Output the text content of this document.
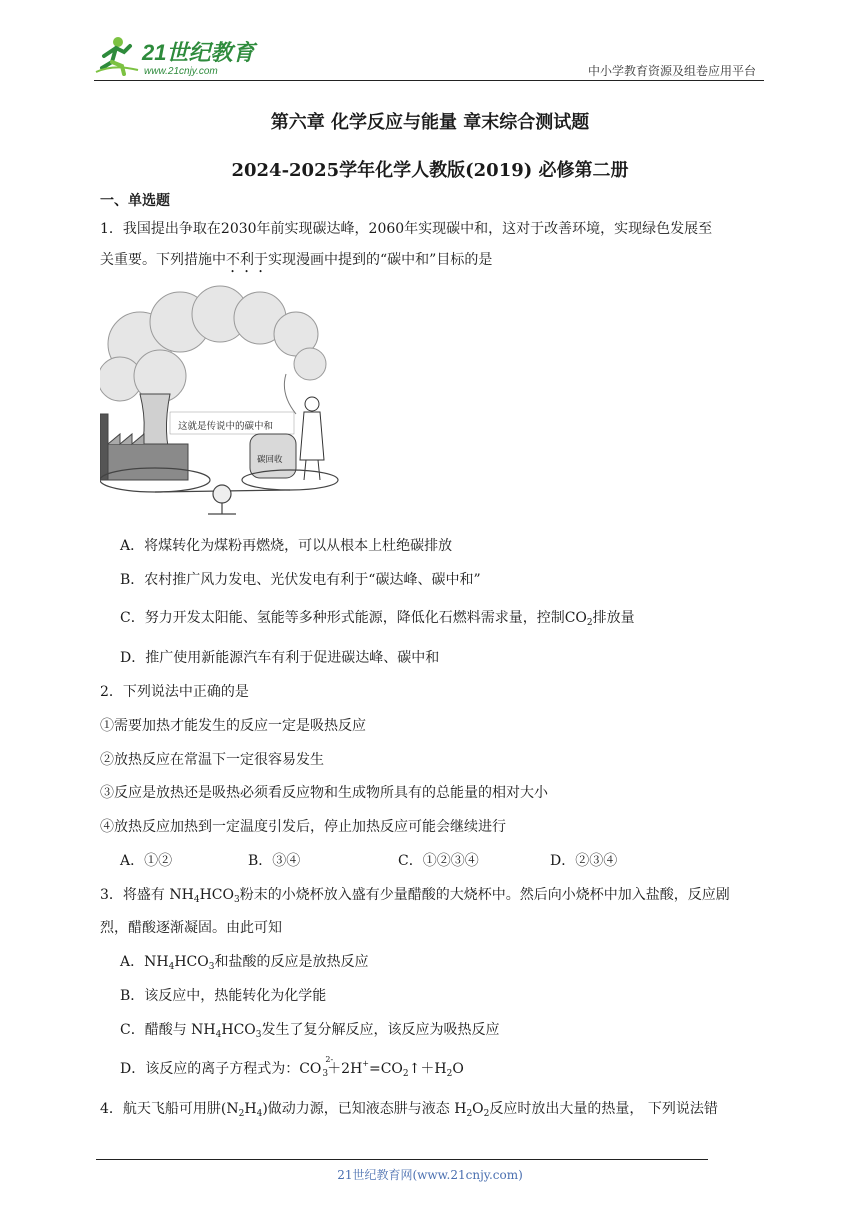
21世纪教育
www.21cnjy.com	中小学教育资源及组卷应用平台
第六章 化学反应与能量 章末综合测试题
2024-2025学年化学人教版(2019) 必修第二册
一、单选题
1．我国提出争取在2030年前实现碳达峰，2060年实现碳中和，这对于改善环境，实现绿色发展至
关重要。下列措施中不利于实现漫画中提到的“碳中和”目标的是
这就是传说中的碳中和
碳回收
A．将煤转化为煤粉再燃烧，可以从根本上杜绝碳排放
B．农村推广风力发电、光伏发电有利于“碳达峰、碳中和”
C．努力开发太阳能、氢能等多种形式能源，降低化石燃料需求量，控制$CO_2$排放量
D．推广使用新能源汽车有利于促进碳达峰、碳中和
2．下列说法中正确的是
①需要加热才能发生的反应一定是吸热反应
②放热反应在常温下一定很容易发生
③反应是放热还是吸热必须看反应物和生成物所具有的总能量的相对大小
④放热反应加热到一定温度引发后，停止加热反应可能会继续进行
A．①②	B．③④	C．①②③④	D．②③④
3．将盛有 $NH_4HCO_3$粉末的小烧杯放入盛有少量醋酸的大烧杯中。然后向小烧杯中加入盐酸，反应剧
烈，醋酸逐渐凝固。由此可知
A．$NH_4HCO_3$和盐酸的反应是放热反应
B．该反应中，热能转化为化学能
C．醋酸与 $NH_4HCO_3$发生了复分解反应，该反应为吸热反应
D．该反应的离子方程式为：CO
2-
$_3+2H^+=CO_2↑+H_2O$
4．航天飞船可用肼$(N_2H_4)$做动力源，已知液态肼与液态 $H_2O_2$反应时放出大量的热量， 下列说法错
21世纪教育网(www.21cnjy.com)
